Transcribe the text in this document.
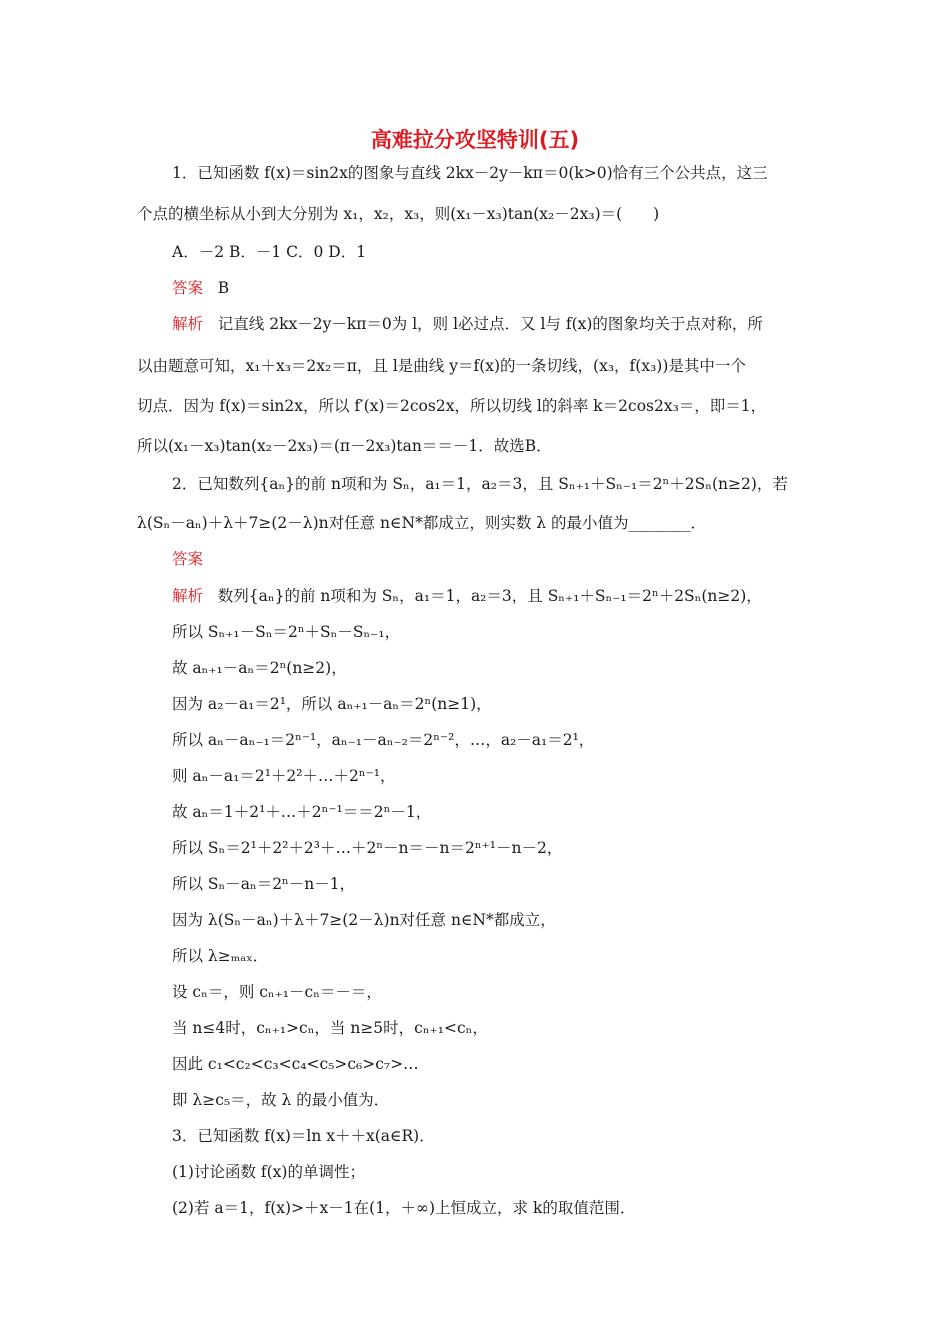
高难拉分攻坚特训(五)
1．已知函数 f(x)＝sin2x的图象与直线 2kx－2y－kπ＝0(k>0)恰有三个公共点，这三
个点的横坐标从小到大分别为 x₁，x₂，x₃，则(x₁－x₃)tan(x₂－2x₃)＝(　　)
A．－2 B．－1 C．0 D．1
答案 B
解析 记直线 2kx－2y－kπ＝0为 l，则 l必过点．又 l与 f(x)的图象均关于点对称，所
以由题意可知，x₁＋x₃＝2x₂＝π，且 l是曲线 y＝f(x)的一条切线，(x₃，f(x₃))是其中一个
切点．因为 f(x)＝sin2x，所以 f′(x)＝2cos2x，所以切线 l的斜率 k＝2cos2x₃＝，即＝1，
所以(x₁－x₃)tan(x₂－2x₃)＝(π－2x₃)tan＝＝－1．故选B．
2．已知数列{aₙ}的前 n项和为 Sₙ，a₁＝1，a₂＝3，且 Sₙ₊₁＋Sₙ₋₁＝2ⁿ＋2Sₙ(n≥2)，若
λ(Sₙ－aₙ)＋λ＋7≥(2－λ)n对任意 n∈N*都成立，则实数 λ 的最小值为________．
答案
解析 数列{aₙ}的前 n项和为 Sₙ，a₁＝1，a₂＝3，且 Sₙ₊₁＋Sₙ₋₁＝2ⁿ＋2Sₙ(n≥2)，
所以 Sₙ₊₁－Sₙ＝2ⁿ＋Sₙ－Sₙ₋₁，
故 aₙ₊₁－aₙ＝2ⁿ(n≥2)，
因为 a₂－a₁＝2¹，所以 aₙ₊₁－aₙ＝2ⁿ(n≥1)，
所以 aₙ－aₙ₋₁＝2ⁿ⁻¹，aₙ₋₁－aₙ₋₂＝2ⁿ⁻²，…，a₂－a₁＝2¹，
则 aₙ－a₁＝2¹＋2²＋…＋2ⁿ⁻¹，
故 aₙ＝1＋2¹＋…＋2ⁿ⁻¹＝＝2ⁿ－1，
所以 Sₙ＝2¹＋2²＋2³＋…＋2ⁿ－n＝－n＝2ⁿ⁺¹－n－2，
所以 Sₙ－aₙ＝2ⁿ－n－1，
因为 λ(Sₙ－aₙ)＋λ＋7≥(2－λ)n对任意 n∈N*都成立，
所以 λ≥ₘₐₓ．
设 cₙ＝，则 cₙ₊₁－cₙ＝－＝，
当 n≤4时，cₙ₊₁>cₙ，当 n≥5时，cₙ₊₁<cₙ，
因此 c₁<c₂<c₃<c₄<c₅>c₆>c₇>…
即 λ≥c₅＝，故 λ 的最小值为．
3．已知函数 f(x)＝ln x＋＋x(a∈R)．
(1)讨论函数 f(x)的单调性；
(2)若 a＝1，f(x)>＋x－1在(1，＋∞)上恒成立，求 k的取值范围．
